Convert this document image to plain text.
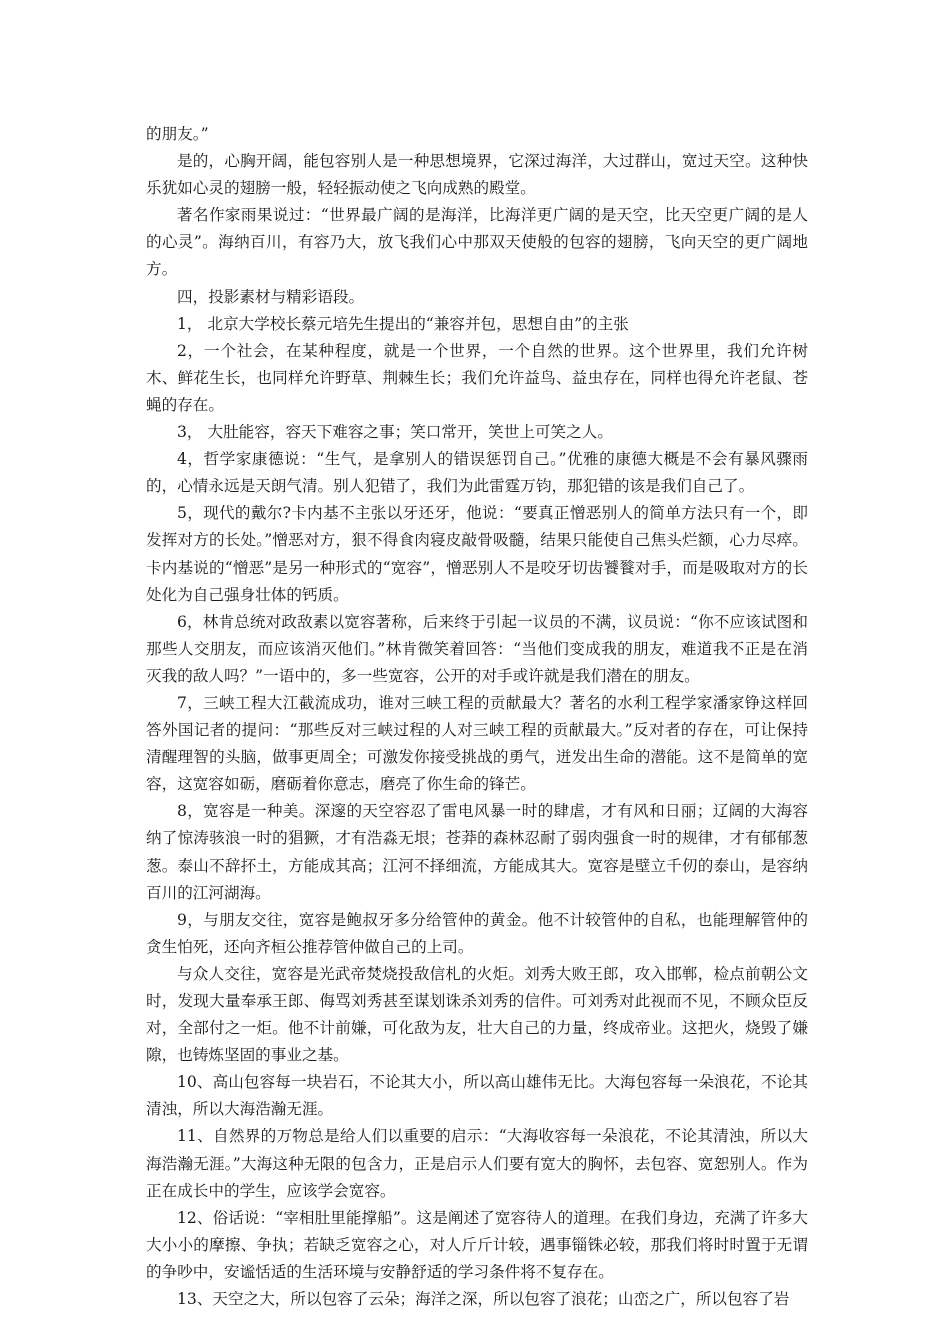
的朋友。”

是的，心胸开阔，能包容别人是一种思想境界，它深过海洋，大过群山，宽过天空。这种快乐犹如心灵的翅膀一般，轻轻振动使之飞向成熟的殿堂。

著名作家雨果说过：“世界最广阔的是海洋，比海洋更广阔的是天空，比天空更广阔的是人的心灵”。海纳百川，有容乃大，放飞我们心中那双天使般的包容的翅膀，飞向天空的更广阔地方。

四，投影素材与精彩语段。

1， 北京大学校长蔡元培先生提出的“兼容并包，思想自由”的主张

2，一个社会，在某种程度，就是一个世界，一个自然的世界。这个世界里，我们允许树木、鲜花生长，也同样允许野草、荆棘生长；我们允许益鸟、益虫存在，同样也得允许老鼠、苍蝇的存在。

3， 大肚能容，容天下难容之事；笑口常开，笑世上可笑之人。

4，哲学家康德说：“生气，是拿别人的错误惩罚自己。”优雅的康德大概是不会有暴风骤雨的，心情永远是天朗气清。别人犯错了，我们为此雷霆万钧，那犯错的该是我们自己了。

5，现代的戴尔?卡内基不主张以牙还牙，他说：“要真正憎恶别人的简单方法只有一个，即发挥对方的长处。”憎恶对方，狠不得食肉寝皮敲骨吸髓，结果只能使自己焦头烂额，心力尽瘁。卡内基说的“憎恶”是另一种形式的“宽容”，憎恶别人不是咬牙切齿饕餮对手，而是吸取对方的长处化为自己强身壮体的钙质。

6，林肯总统对政敌素以宽容著称，后来终于引起一议员的不满，议员说：“你不应该试图和那些人交朋友，而应该消灭他们。”林肯微笑着回答：“当他们变成我的朋友，难道我不正是在消灭我的敌人吗？”一语中的，多一些宽容，公开的对手或许就是我们潜在的朋友。

7，三峡工程大江截流成功，谁对三峡工程的贡献最大？著名的水利工程学家潘家铮这样回答外国记者的提问：“那些反对三峡过程的人对三峡工程的贡献最大。”反对者的存在，可让保持清醒理智的头脑，做事更周全；可激发你接受挑战的勇气，迸发出生命的潜能。这不是简单的宽容，这宽容如砺，磨砺着你意志，磨亮了你生命的锋芒。

8，宽容是一种美。深邃的天空容忍了雷电风暴一时的肆虐，才有风和日丽；辽阔的大海容纳了惊涛骇浪一时的猖獗，才有浩淼无垠；苍莽的森林忍耐了弱肉强食一时的规律，才有郁郁葱葱。泰山不辞抔土，方能成其高；江河不择细流，方能成其大。宽容是壁立千仞的泰山，是容纳百川的江河湖海。

9，与朋友交往，宽容是鲍叔牙多分给管仲的黄金。他不计较管仲的自私，也能理解管仲的贪生怕死，还向齐桓公推荐管仲做自己的上司。

与众人交往，宽容是光武帝焚烧投敌信札的火炬。刘秀大败王郎，攻入邯郸，检点前朝公文时，发现大量奉承王郎、侮骂刘秀甚至谋划诛杀刘秀的信件。可刘秀对此视而不见，不顾众臣反对，全部付之一炬。他不计前嫌，可化敌为友，壮大自己的力量，终成帝业。这把火，烧毁了嫌隙，也铸炼坚固的事业之基。

10、高山包容每一块岩石，不论其大小，所以高山雄伟无比。大海包容每一朵浪花，不论其清浊，所以大海浩瀚无涯。

11、自然界的万物总是给人们以重要的启示：“大海收容每一朵浪花，不论其清浊，所以大海浩瀚无涯。”大海这种无限的包含力，正是启示人们要有宽大的胸怀，去包容、宽恕别人。作为正在成长中的学生，应该学会宽容。

12、俗话说：“宰相肚里能撑船”。这是阐述了宽容待人的道理。在我们身边，充满了许多大大小小的摩擦、争执；若缺乏宽容之心，对人斤斤计较，遇事锱铢必较，那我们将时时置于无谓的争吵中，安谧恬适的生活环境与安静舒适的学习条件将不复存在。

13、天空之大，所以包容了云朵；海洋之深，所以包容了浪花；山峦之广，所以包容了岩
